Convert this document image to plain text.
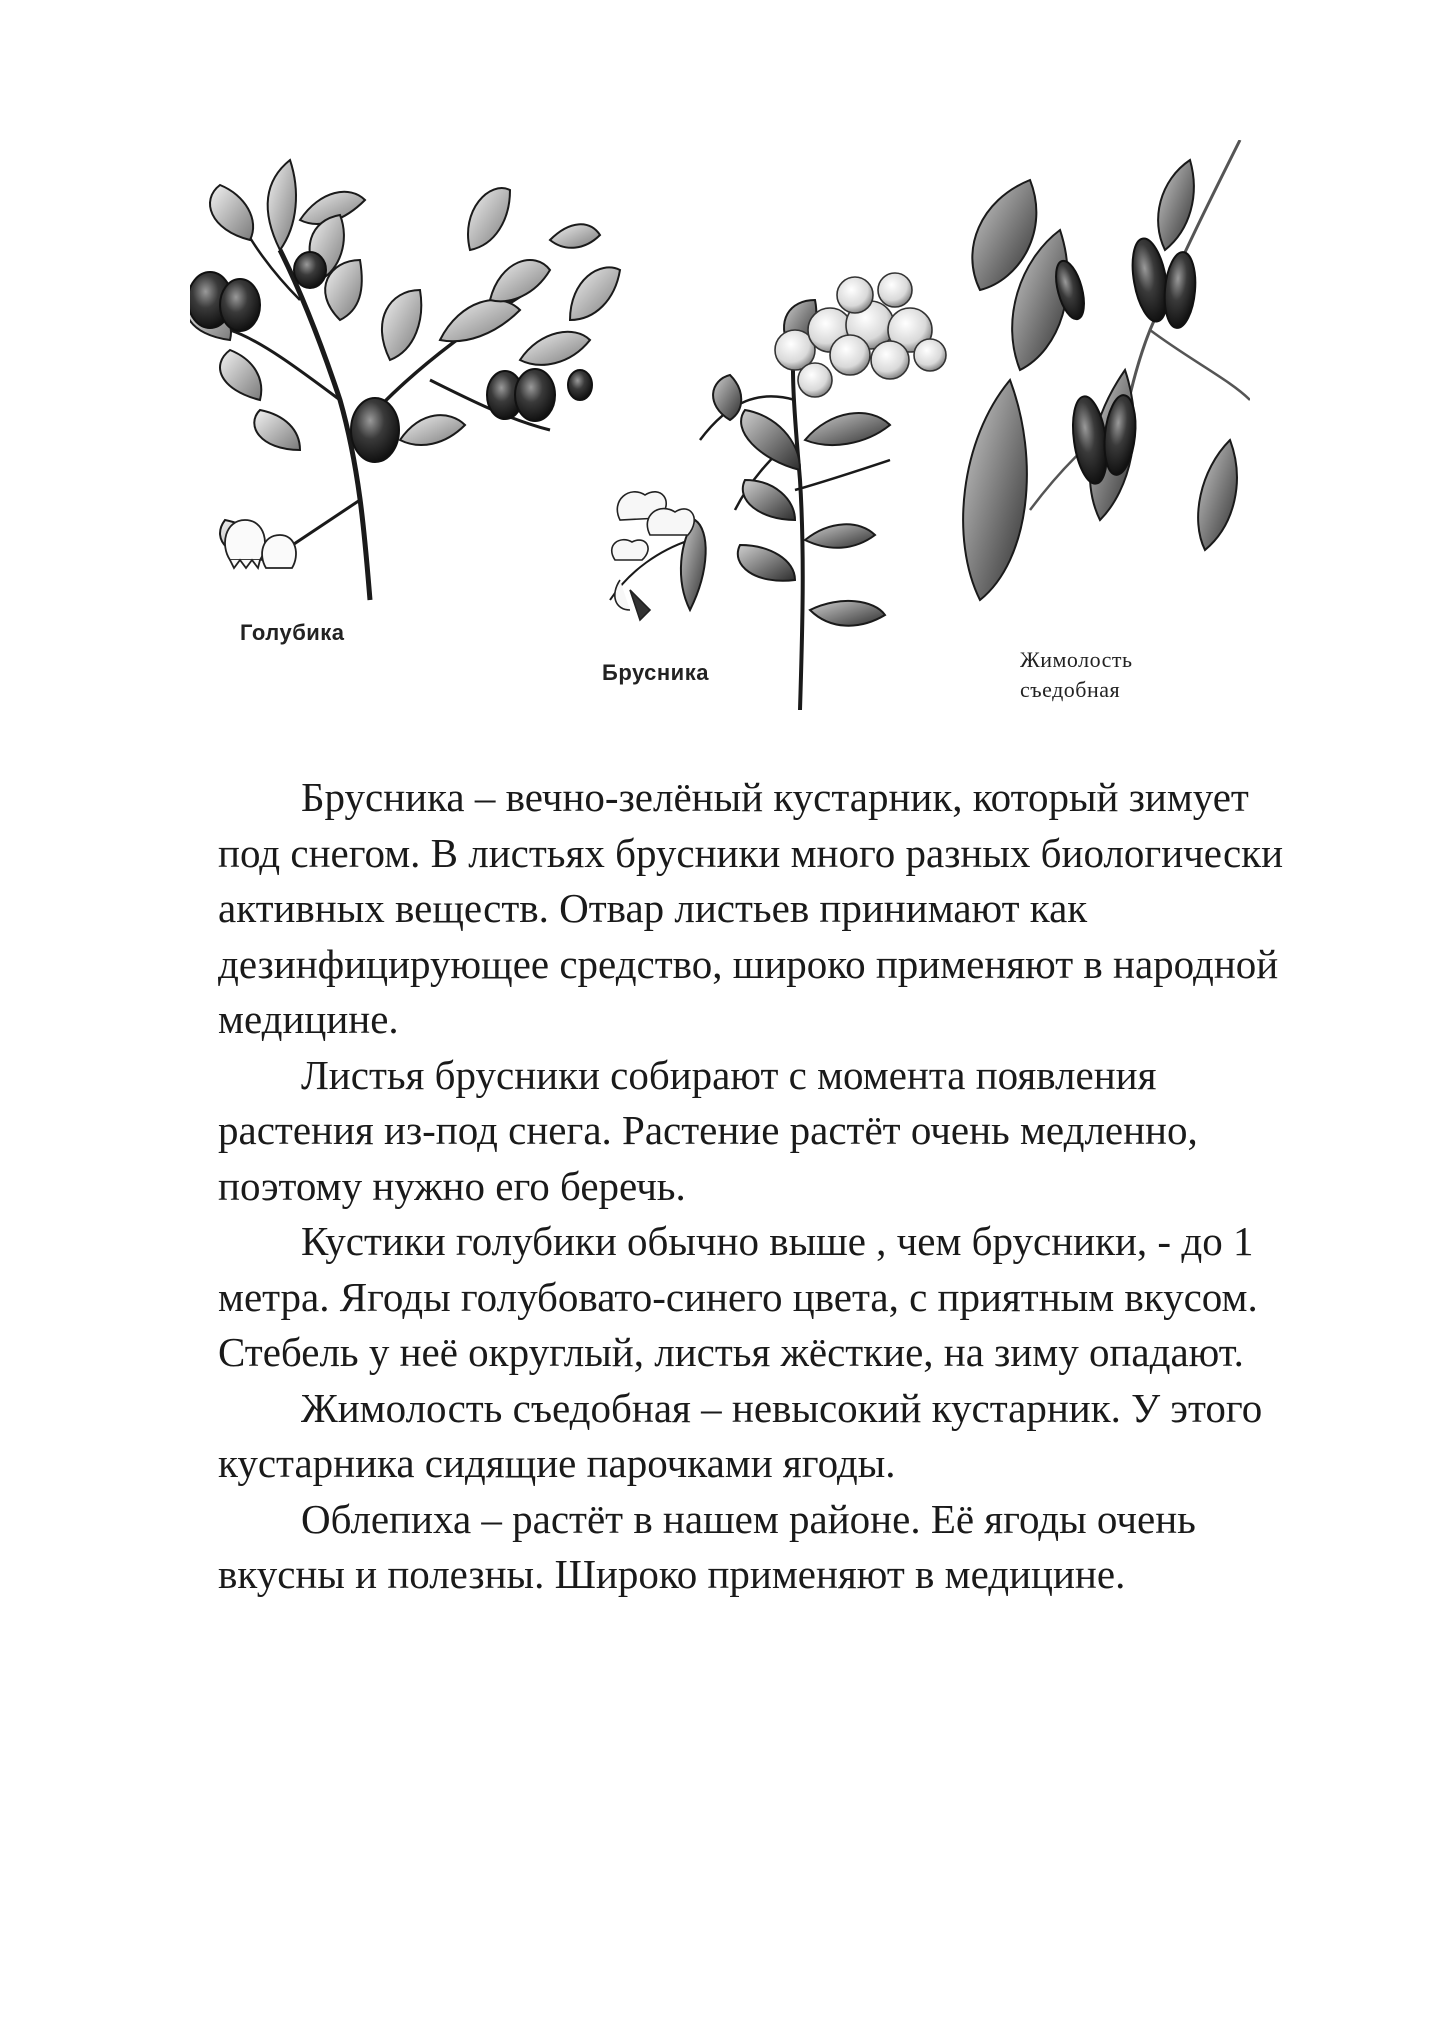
Голубика
Брусника
Жимолость
съедобная

Брусника – вечно-зелёный кустарник, который зимует под снегом. В листьях брусники много разных биологически активных веществ. Отвар листьев принимают как дезинфицирующее средство, широко применяют в народной медицине.

Листья брусники собирают с момента появления растения из-под снега. Растение растёт очень медленно, поэтому нужно его беречь.

Кустики голубики обычно выше , чем брусники, - до 1 метра. Ягоды голубовато-синего цвета, с приятным вкусом. Стебель у неё округлый, листья жёсткие, на зиму опадают.

Жимолость съедобная – невысокий кустарник. У этого кустарника сидящие парочками ягоды.

Облепиха – растёт в нашем районе. Её ягоды очень вкусны и полезны. Широко применяют в медицине.
